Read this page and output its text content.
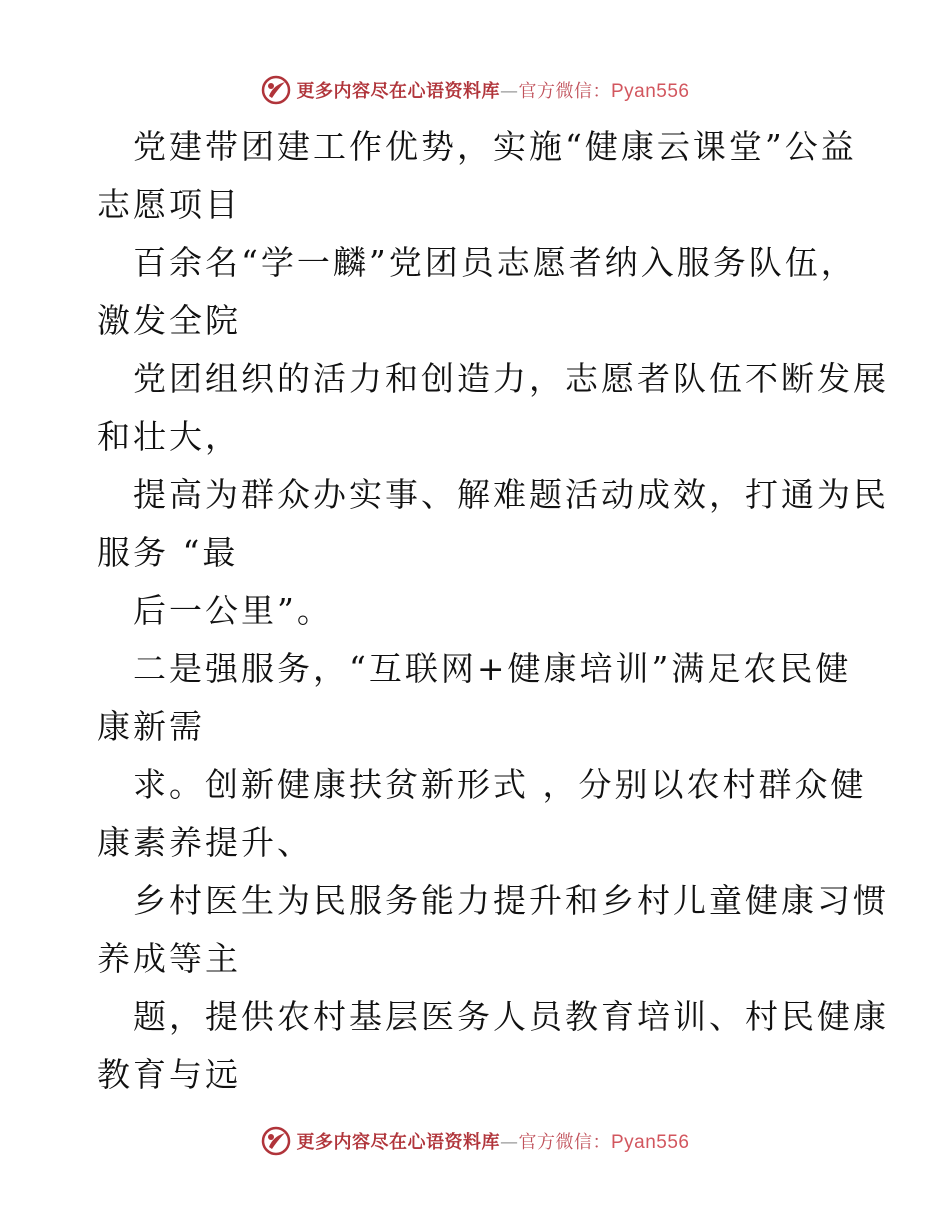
更多内容尽在心语资料库—官方微信：Pyan556
党建带团建工作优势，实施“健康云课堂”公益
志愿项目
百余名“学一麟”党团员志愿者纳入服务队伍，
激发全院
党团组织的活力和创造力，志愿者队伍不断发展
和壮大，
提高为群众办实事、解难题活动成效，打通为民
服务 “最
后一公里”。
二是强服务，“互联网+健康培训”满足农民健
康新需
求。创新健康扶贫新形式 ，分别以农村群众健
康素养提升、
乡村医生为民服务能力提升和乡村儿童健康习惯
养成等主
题，提供农村基层医务人员教育培训、村民健康
教育与远
更多内容尽在心语资料库—官方微信：Pyan556
